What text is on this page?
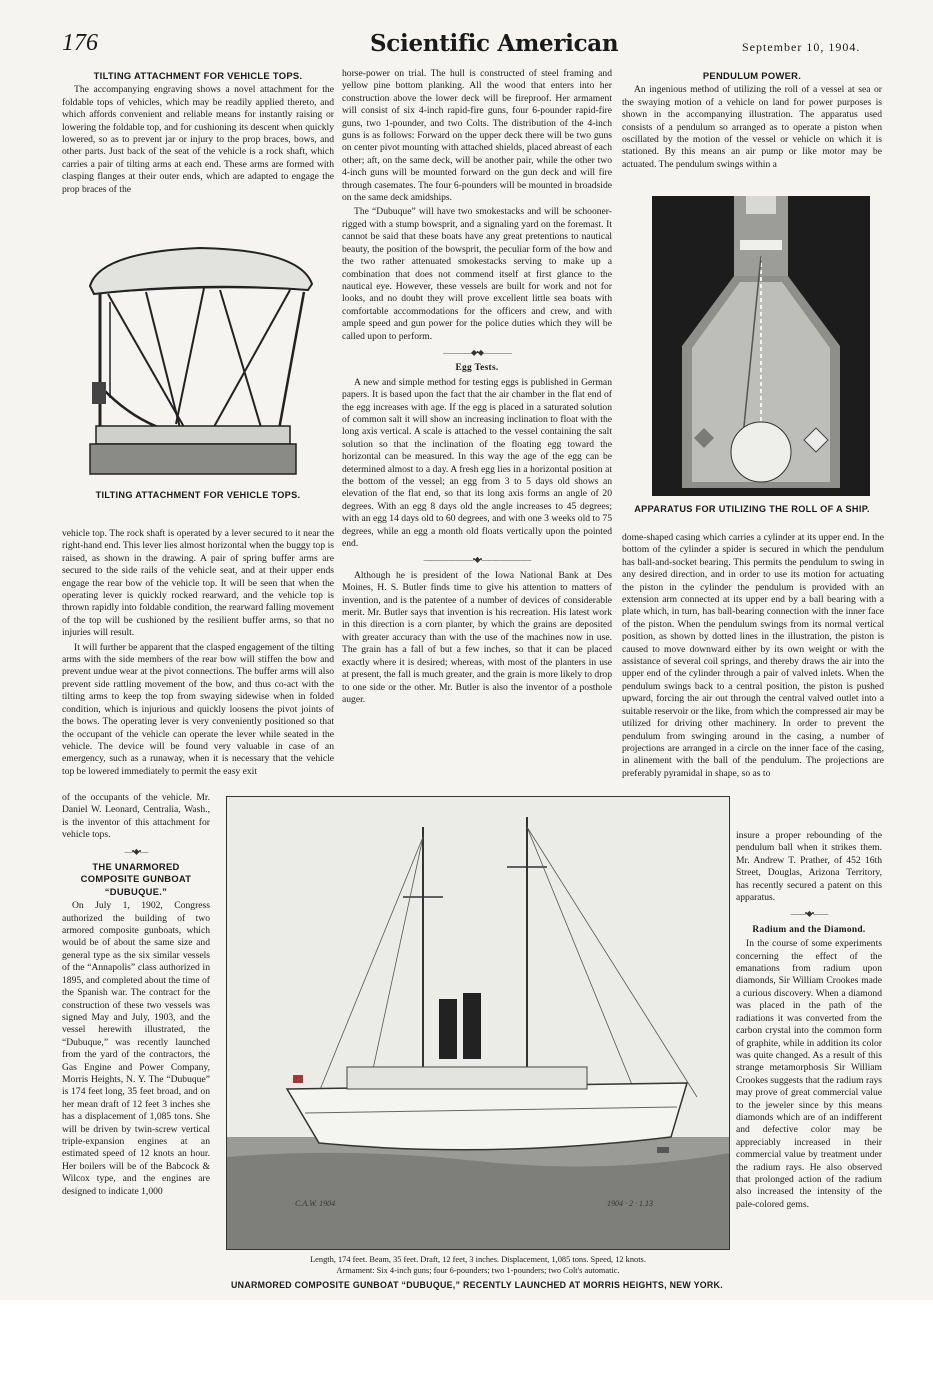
176	Scientific American	September 10, 1904.
TILTING ATTACHMENT FOR VEHICLE TOPS.

The accompanying engraving shows a novel attachment for the foldable tops of vehicles, which may be readily applied thereto, and which affords convenient and reliable means for instantly raising or lowering the foldable top, and for cushioning its descent when quickly lowered, so as to prevent jar or injury to the prop braces, bows, and other parts. Just back of the seat of the vehicle is a rock shaft, which carries a pair of tilting arms at each end. These arms are formed with clasping flanges at their outer ends, which are adapted to engage the prop braces of the

TILTING ATTACHMENT FOR VEHICLE TOPS.

vehicle top. The rock shaft is operated by a lever secured to it near the right-hand end. This lever lies almost horizontal when the buggy top is raised, as shown in the drawing. A pair of spring buffer arms are secured to the side rails of the vehicle seat, and at their upper ends engage the rear bow of the vehicle top. It will be seen that when the operating lever is quickly rocked rearward, and the vehicle top is thrown rapidly into foldable condition, the rearward falling movement of the top will be cushioned by the resilient buffer arms, so that no injuries will result.

It will further be apparent that the clasped engagement of the tilting arms with the side members of the rear bow will stiffen the bow and prevent undue wear at the pivot connections. The buffer arms will also prevent side rattling movement of the bow, and thus co-act with the tilting arms to keep the top from swaying sidewise when in folded condition, which is injurious and quickly loosens the pivot joints of the bows. The operating lever is very conveniently positioned so that the occupant of the vehicle can operate the lever while seated in the vehicle. The device will be found very valuable in case of an emergency, such as a runaway, when it is necessary that the vehicle top be lowered immediately to permit the easy exit

of the occupants of the vehicle. Mr. Daniel W. Leonard, Centralia, Wash., is the inventor of this attachment for vehicle tops.

—•◆•—
THE UNARMORED COMPOSITE GUNBOAT “DUBUQUE.”

On July 1, 1902, Congress authorized the building of two armored composite gunboats, which would be of about the same size and general type as the six similar vessels of the “Annapolis” class authorized in 1895, and completed about the time of the Spanish war. The contract for the construction of these two vessels was signed May and July, 1903, and the vessel herewith illustrated, the “Dubuque,” was recently launched from the yard of the contractors, the Gas Engine and Power Company, Morris Heights, N. Y. The “Dubuque” is 174 feet long, 35 feet broad, and on her mean draft of 12 feet 3 inches she has a displacement of 1,085 tons. She will be driven by twin-screw vertical triple-expansion engines at an estimated speed of 12 knots an hour. Her boilers will be of the Babcock & Wilcox type, and the engines are designed to indicate 1,000

horse-power on trial. The hull is constructed of steel framing and yellow pine bottom planking. All the wood that enters into her construction above the lower deck will be fireproof. Her armament will consist of six 4-inch rapid-fire guns, four 6-pounder rapid-fire guns, two 1-pounder, and two Colts. The distribution of the 4-inch guns is as follows: Forward on the upper deck there will be two guns on center pivot mounting with attached shields, placed abreast of each other; aft, on the same deck, will be another pair, while the other two 4-inch guns will be mounted forward on the gun deck and will fire through casemates. The four 6-pounders will be mounted in broadside on the same deck amidships.

The “Dubuque” will have two smokestacks and will be schooner-rigged with a stump bowsprit, and a signaling yard on the foremast. It cannot be said that these boats have any great pretentions to nautical beauty, the position of the bowsprit, the peculiar form of the bow and the two rather attenuated smokestacks serving to make up a combination that does not commend itself at first glance to the nautical eye. However, these vessels are built for work and not for looks, and no doubt they will prove excellent little sea boats with comfortable accommodations for the officers and crew, and with ample speed and gun power for the police duties which they will be called upon to perform.

————◆•◆————
Egg Tests.

A new and simple method for testing eggs is published in German papers. It is based upon the fact that the air chamber in the flat end of the egg increases with age. If the egg is placed in a saturated solution of common salt it will show an increasing inclination to float with the long axis vertical. A scale is attached to the vessel containing the salt solution so that the inclination of the floating egg toward the horizontal can be measured. In this way the age of the egg can be determined almost to a day. A fresh egg lies in a horizontal position at the bottom of the vessel; an egg from 3 to 5 days old shows an elevation of the flat end, so that its long axis forms an angle of 20 degrees. With an egg 8 days old the angle increases to 45 degrees; with an egg 14 days old to 60 degrees, and with one 3 weeks old to 75 degrees, while an egg a month old floats vertically upon the pointed end.

———————•◆•———————

Although he is president of the Iowa National Bank at Des Moines, H. S. Butler finds time to give his attention to matters of invention, and is the patentee of a number of devices of considerable merit. Mr. Butler says that invention is his recreation. His latest work in this direction is a corn planter, by which the grains are deposited with greater accuracy than with the use of the machines now in use. The grain has a fall of but a few inches, so that it can be placed exactly where it is desired; whereas, with most of the planters in use at present, the fall is much greater, and the grain is more likely to drop to one side or the other. Mr. Butler is also the inventor of a posthole auger.

PENDULUM POWER.

An ingenious method of utilizing the roll of a vessel at sea or the swaying motion of a vehicle on land for power purposes is shown in the accompanying illustration. The apparatus used consists of a pendulum so arranged as to operate a piston when oscillated by the motion of the vessel or vehicle on which it is stationed. By this means an air pump or like motor may be actuated. The pendulum swings within a

APPARATUS FOR UTILIZING THE ROLL OF A SHIP.

dome-shaped casing which carries a cylinder at its upper end. In the bottom of the cylinder a spider is secured in which the pendulum has ball-and-socket bearing. This permits the pendulum to swing in any desired direction, and in order to use its motion for actuating the piston in the cylinder the pendulum is provided with an extension arm connected at its upper end by a ball bearing with a plate which, in turn, has ball-bearing connection with the inner face of the piston. When the pendulum swings from its normal vertical position, as shown by dotted lines in the illustration, the piston is caused to move downward either by its own weight or with the assistance of several coil springs, and thereby draws the air into the upper end of the cylinder through a pair of valved inlets. When the pendulum swings back to a central position, the piston is pushed upward, forcing the air out through the central valved outlet into a suitable reservoir or the like, from which the compressed air may be utilized for driving other machinery. In order to prevent the pendulum from swinging around in the casing, a number of projections are arranged in a circle on the inner face of the casing, in alinement with the ball of the pendulum. The projections are preferably pyramidal in shape, so as to

insure a proper rebounding of the pendulum ball when it strikes them. Mr. Andrew T. Prather, of 452 16th Street, Douglas, Arizona Territory, has recently secured a patent on this apparatus.

——•◆•——
Radium and the Diamond.

In the course of some experiments concerning the effect of the emanations from radium upon diamonds, Sir William Crookes made a curious discovery. When a diamond was placed in the path of the radiations it was converted from the carbon crystal into the common form of graphite, while in addition its color was quite changed. As a result of this strange metamorphosis Sir William Crookes suggests that the radium rays may prove of great commercial value to the jeweler since by this means diamonds which are of an indifferent and defective color may be appreciably increased in their commercial value by treatment under the radium rays. He also observed that prolonged action of the radium also increased the intensity of the pale-colored gems.

C.A.W. 1904	1904 · 2 · 1.13
Length, 174 feet. Beam, 35 feet. Draft, 12 feet, 3 inches. Displacement, 1,085 tons. Speed, 12 knots.
Armament: Six 4-inch guns; four 6-pounders; two 1-pounders; two Colt's automatic.
UNARMORED COMPOSITE GUNBOAT “DUBUQUE,” RECENTLY LAUNCHED AT MORRIS HEIGHTS, NEW YORK.
